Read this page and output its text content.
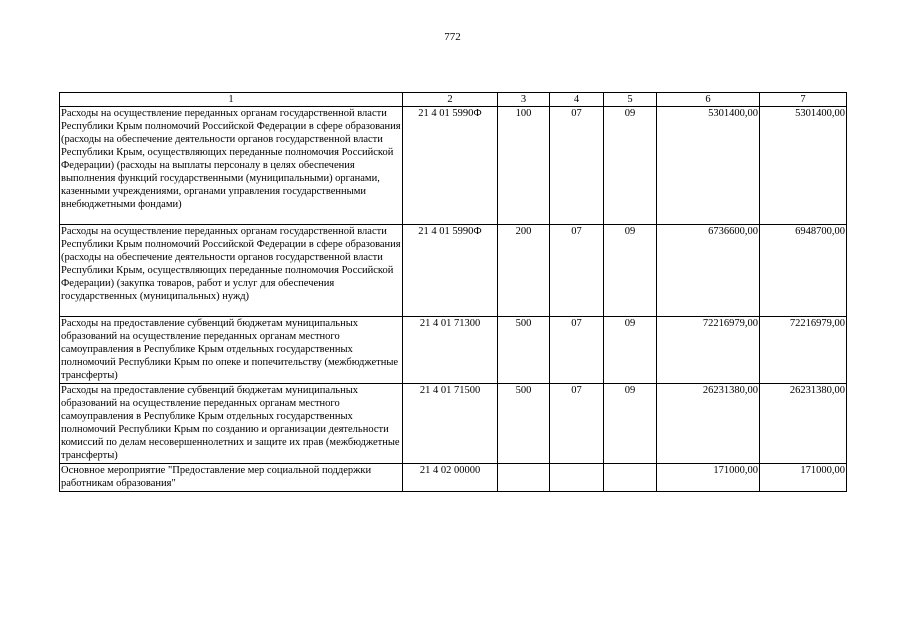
772
1	2	3	4	5	6	7
Расходы на осуществление переданных органам государственной власти Республики Крым полномочий Российской Федерации в сфере образования (расходы на обеспечение деятельности органов государственной власти Республики Крым, осуществляющих переданные полномочия Российской Федерации) (расходы на выплаты персоналу в целях обеспечения выполнения функций государственными (муниципальными) органами, казенными учреждениями, органами управления государственными внебюджетными фондами)	21 4 01 5990Ф	100	07	09	5301400,00	5301400,00
Расходы на осуществление переданных органам государственной власти Республики Крым полномочий Российской Федерации в сфере образования (расходы на обеспечение деятельности органов государственной власти Республики Крым, осуществляющих переданные полномочия Российской Федерации) (закупка товаров, работ и услуг для обеспечения государственных (муниципальных) нужд)	21 4 01 5990Ф	200	07	09	6736600,00	6948700,00
Расходы на предоставление субвенций бюджетам муниципальных образований на осуществление переданных органам местного самоуправления в Республике Крым отдельных государственных полномочий Республики Крым по опеке и попечительству (межбюджетные трансферты)	21 4 01 71300	500	07	09	72216979,00	72216979,00
Расходы на предоставление субвенций бюджетам муниципальных образований на осуществление переданных органам местного самоуправления в Республике Крым отдельных государственных полномочий Республики Крым по созданию и организации деятельности комиссий по делам несовершеннолетних и защите их прав (межбюджетные трансферты)	21 4 01 71500	500	07	09	26231380,00	26231380,00
Основное мероприятие "Предоставление мер социальной поддержки работникам образования"	21 4 02 00000				171000,00	171000,00
